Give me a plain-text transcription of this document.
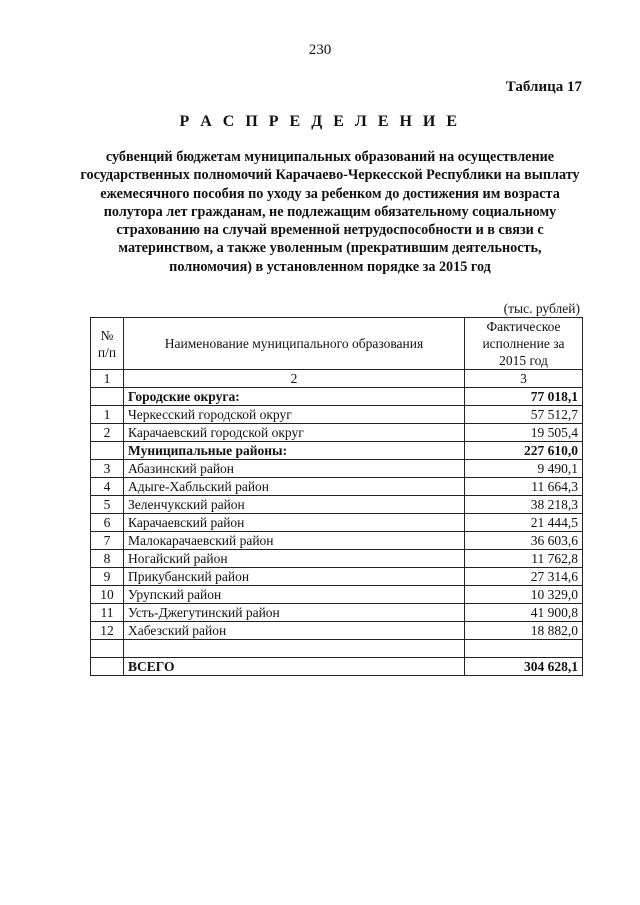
230
Таблица 17
Р А С П Р Е Д Е Л Е Н И Е
субвенций бюджетам муниципальных образований на осуществление государственных полномочий Карачаево-Черкесской Республики на выплату ежемесячного пособия по уходу за ребенком до достижения им возраста полутора лет гражданам, не подлежащим обязательному социальному страхованию на случай временной нетрудоспособности и в связи с материнством, а также уволенным (прекратившим деятельность, полномочия) в установленном порядке за 2015 год
(тыс. рублей)
№ п/п	Наименование муниципального образования	Фактическое исполнение за 2015 год
1	2	3
	Городские округа:	77 018,1
1	Черкесский городской округ	57 512,7
2	Карачаевский городской округ	19 505,4
	Муниципальные районы:	227 610,0
3	Абазинский район	9 490,1
4	Адыге-Хабльский район	11 664,3
5	Зеленчукский район	38 218,3
6	Карачаевский район	21 444,5
7	Малокарачаевский район	36 603,6
8	Ногайский район	11 762,8
9	Прикубанский район	27 314,6
10	Урупский район	10 329,0
11	Усть-Джегутинский район	41 900,8
12	Хабезский район	18 882,0

	ВСЕГО	304 628,1
